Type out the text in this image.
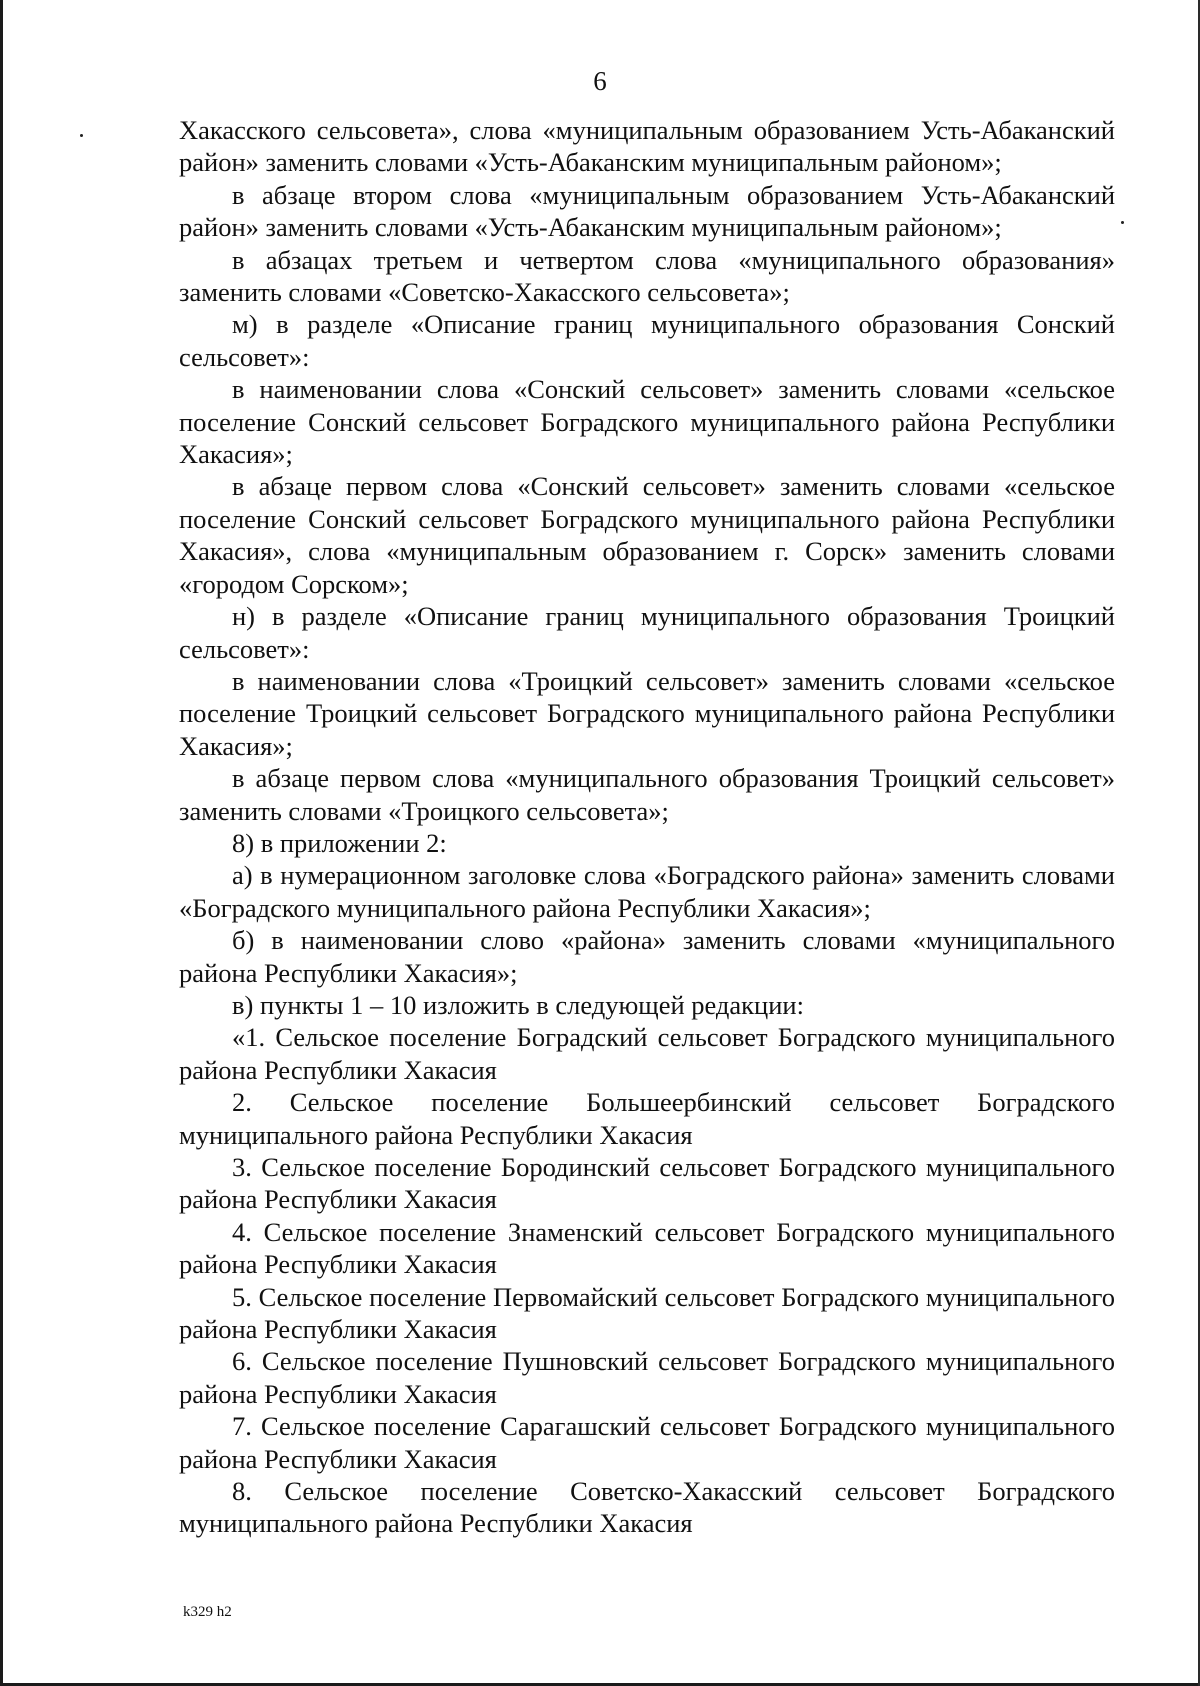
6

Хакасского сельсовета», слова «муниципальным образованием Усть-Абаканский район» заменить словами «Усть-Абаканским муниципальным районом»;

в абзаце втором слова «муниципальным образованием Усть-Абаканский район» заменить словами «Усть-Абаканским муниципальным районом»;

в абзацах третьем и четвертом слова «муниципального образования» заменить словами «Советско-Хакасского сельсовета»;

м) в разделе «Описание границ муниципального образования Сонский сельсовет»:

в наименовании слова «Сонский сельсовет» заменить словами «сельское поселение Сонский сельсовет Боградского муниципального района Республики Хакасия»;

в абзаце первом слова «Сонский сельсовет» заменить словами «сельское поселение Сонский сельсовет Боградского муниципального района Республики Хакасия», слова «муниципальным образованием г. Сорск» заменить словами «городом Сорском»;

н) в разделе «Описание границ муниципального образования Троицкий сельсовет»:

в наименовании слова «Троицкий сельсовет» заменить словами «сельское поселение Троицкий сельсовет Боградского муниципального района Республики Хакасия»;

в абзаце первом слова «муниципального образования Троицкий сельсовет» заменить словами «Троицкого сельсовета»;

8) в приложении 2:

а) в нумерационном заголовке слова «Боградского района» заменить словами «Боградского муниципального района Республики Хакасия»;

б) в наименовании слово «района» заменить словами «муниципального района Республики Хакасия»;

в) пункты 1 – 10 изложить в следующей редакции:

«1. Сельское поселение Боградский сельсовет Боградского муниципального района Республики Хакасия

2. Сельское поселение Большеербинский сельсовет Боградского муниципального района Республики Хакасия

3. Сельское поселение Бородинский сельсовет Боградского муниципального района Республики Хакасия

4. Сельское поселение Знаменский сельсовет Боградского муниципального района Республики Хакасия

5. Сельское поселение Первомайский сельсовет Боградского муниципального района Республики Хакасия

6. Сельское поселение Пушновский сельсовет Боградского муниципального района Республики Хакасия

7. Сельское поселение Сарагашский сельсовет Боградского муниципального района Республики Хакасия

8. Сельское поселение Советско-Хакасский сельсовет Боградского муниципального района Республики Хакасия

k329 h2
